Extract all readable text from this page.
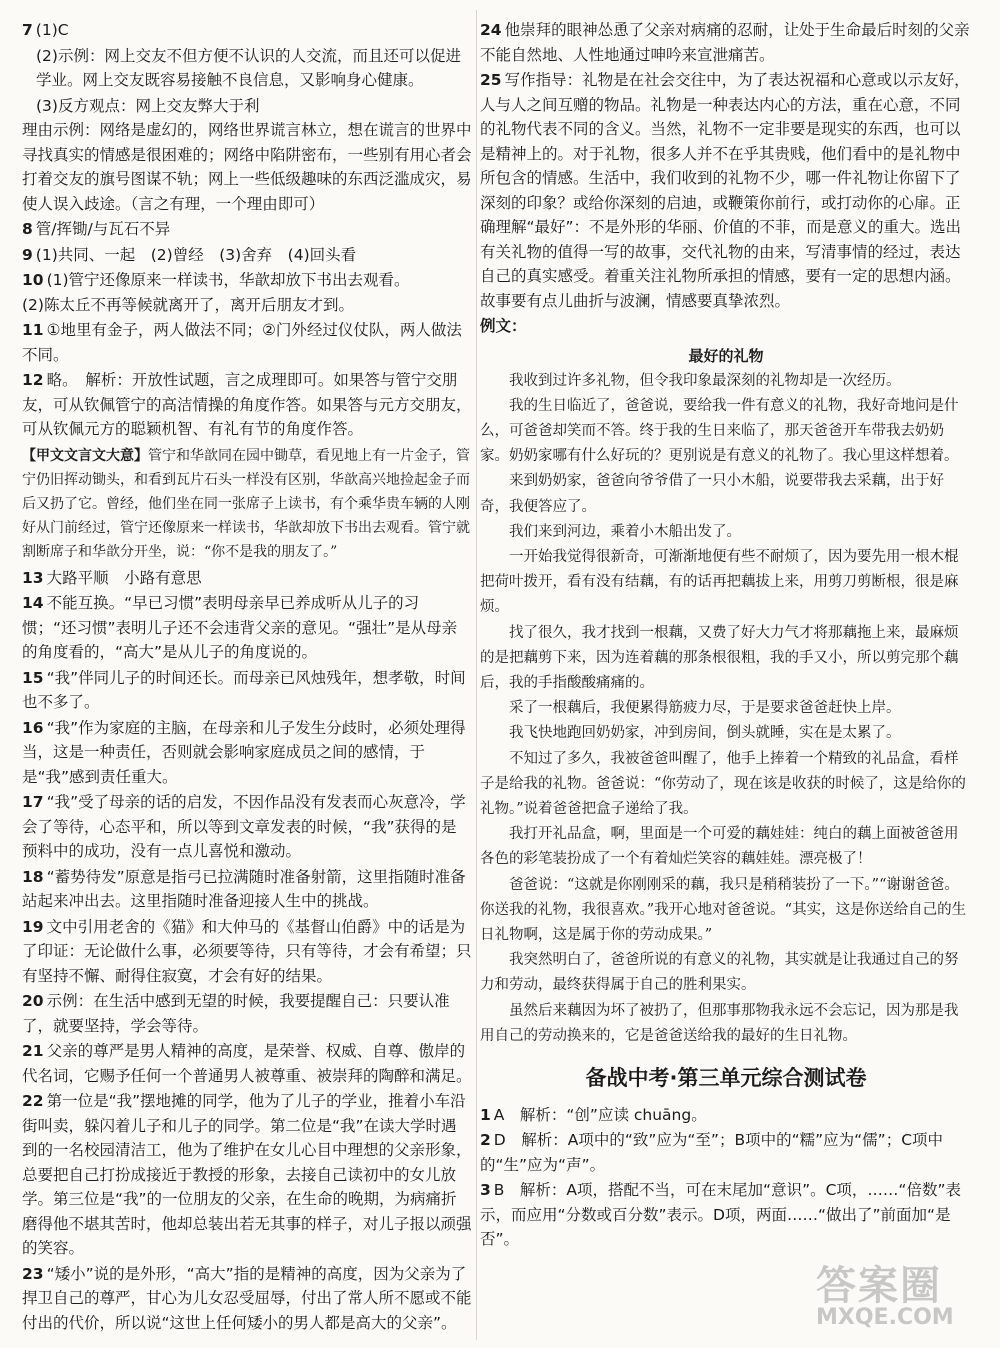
7 (1)C
(2)示例：网上交友不但方便不认识的人交流，而且还可以促进学业。网上交友既容易接触不良信息，又影响身心健康。
(3)反方观点：网上交友弊大于利
理由示例：网络是虚幻的，网络世界谎言林立，想在谎言的世界中寻找真实的情感是很困难的；网络中陷阱密布，一些别有用心者会打着交友的旗号图谋不轨；网上一些低级趣味的东西泛滥成灾，易使人误入歧途。（言之有理，一个理由即可）
8 管/挥锄/与瓦石不异
9 (1)共同、一起　(2)曾经　(3)舍弃　(4)回头看
10 (1)管宁还像原来一样读书，华歆却放下书出去观看。
(2)陈太丘不再等候就离开了，离开后朋友才到。
11 ①地里有金子，两人做法不同；②门外经过仪仗队，两人做法不同。
12 略。　解析：开放性试题，言之成理即可。如果答与管宁交朋友，可从钦佩管宁的高洁情操的角度作答。如果答与元方交朋友，可从钦佩元方的聪颖机智、有礼有节的角度作答。
【甲文文言文大意】管宁和华歆同在园中锄草，看见地上有一片金子，管宁仍旧挥动锄头，和看到瓦片石头一样没有区别，华歆高兴地捡起金子而后又扔了它。曾经，他们坐在同一张席子上读书，有个乘华贵车辆的人刚好从门前经过，管宁还像原来一样读书，华歆却放下书出去观看。管宁就割断席子和华歆分开坐，说：“你不是我的朋友了。”
13 大路平顺　小路有意思
14 不能互换。“早已习惯”表明母亲早已养成听从儿子的习惯；“还习惯”表明儿子还不会违背父亲的意见。“强壮”是从母亲的角度看的，“高大”是从儿子的角度说的。
15 “我”伴同儿子的时间还长。而母亲已风烛残年，想孝敬，时间也不多了。
16 “我”作为家庭的主脑，在母亲和儿子发生分歧时，必须处理得当，这是一种责任，否则就会影响家庭成员之间的感情，于是“我”感到责任重大。
17 “我”受了母亲的话的启发，不因作品没有发表而心灰意冷，学会了等待，心态平和，所以等到文章发表的时候，“我”获得的是预料中的成功，没有一点儿喜悦和激动。
18 “蓄势待发”原意是指弓已拉满随时准备射箭，这里指随时准备站起来冲出去。这里指随时准备迎接人生中的挑战。
19 文中引用老舍的《猫》和大仲马的《基督山伯爵》中的话是为了印证：无论做什么事，必须要等待，只有等待，才会有希望；只有坚持不懈、耐得住寂寞，才会有好的结果。
20 示例：在生活中感到无望的时候，我要提醒自己：只要认准了，就要坚持，学会等待。
21 父亲的尊严是男人精神的高度，是荣誉、权威、自尊、傲岸的代名词，它赐予任何一个普通男人被尊重、被崇拜的陶醉和满足。
22 第一位是“我”摆地摊的同学，他为了儿子的学业，推着小车沿街叫卖，躲闪着儿子和儿子的同学。第二位是“我”在读大学时遇到的一名校园清洁工，他为了维护在女儿心目中理想的父亲形象，总要把自己打扮成接近于教授的形象，去接自己读初中的女儿放学。第三位是“我”的一位朋友的父亲，在生命的晚期，为病痛折磨得他不堪其苦时，他却总装出若无其事的样子，对儿子报以顽强的笑容。
23 “矮小”说的是外形，“高大”指的是精神的高度，因为父亲为了捍卫自己的尊严，甘心为儿女忍受屈辱，付出了常人所不愿或不能付出的代价，所以说“这世上任何矮小的男人都是高大的父亲”。
24 他崇拜的眼神怂恿了父亲对病痛的忍耐，让处于生命最后时刻的父亲不能自然地、人性地通过呻吟来宣泄痛苦。
25 写作指导：礼物是在社会交往中，为了表达祝福和心意或以示友好，人与人之间互赠的物品。礼物是一种表达内心的方法，重在心意，不同的礼物代表不同的含义。当然，礼物不一定非要是现实的东西，也可以是精神上的。对于礼物，很多人并不在乎其贵贱，他们看中的是礼物中所包含的情感。生活中，我们收到的礼物不少，哪一件礼物让你留下了深刻的印象？或给你深刻的启迪，或鞭策你前行，或打动你的心扉。正确理解“最好”：不是外形的华丽、价值的不菲，而是意义的重大。选出有关礼物的值得一写的故事，交代礼物的由来，写清事情的经过，表达自己的真实感受。着重关注礼物所承担的情感，要有一定的思想内涵。故事要有点儿曲折与波澜，情感要真挚浓烈。
例文：
最好的礼物

我收到过许多礼物，但令我印象最深刻的礼物却是一次经历。

我的生日临近了，爸爸说，要给我一件有意义的礼物，我好奇地问是什么，可爸爸却笑而不答。终于我的生日来临了，那天爸爸开车带我去奶奶家。奶奶家哪有什么好玩的？更别说是有意义的礼物了。我心里这样想着。

来到奶奶家，爸爸向爷爷借了一只小木船，说要带我去采藕，出于好奇，我便答应了。

我们来到河边，乘着小木船出发了。

一开始我觉得很新奇，可渐渐地便有些不耐烦了，因为要先用一根木棍把荷叶拨开，看有没有结藕，有的话再把藕拔上来，用剪刀剪断根，很是麻烦。

找了很久，我才找到一根藕，又费了好大力气才将那藕拖上来，最麻烦的是把藕剪下来，因为连着藕的那条根很粗，我的手又小，所以剪完那个藕后，我的手指酸酸痛痛的。

采了一根藕后，我便累得筋疲力尽，于是要求爸爸赶快上岸。

我飞快地跑回奶奶家，冲到房间，倒头就睡，实在是太累了。

不知过了多久，我被爸爸叫醒了，他手上捧着一个精致的礼品盒，看样子是给我的礼物。爸爸说：“你劳动了，现在该是收获的时候了，这是给你的礼物。”说着爸爸把盒子递给了我。

我打开礼品盒，啊，里面是一个可爱的藕娃娃：纯白的藕上面被爸爸用各色的彩笔装扮成了一个有着灿烂笑容的藕娃娃。漂亮极了！

爸爸说：“这就是你刚刚采的藕，我只是稍稍装扮了一下。”“谢谢爸爸。你送我的礼物，我很喜欢。”我开心地对爸爸说。“其实，这是你送给自己的生日礼物啊，这是属于你的劳动成果。”

我突然明白了，爸爸所说的有意义的礼物，其实就是让我通过自己的努力和劳动，最终获得属于自己的胜利果实。

虽然后来藕因为坏了被扔了，但那事那物我永远不会忘记，因为那是我用自己的劳动换来的，它是爸爸送给我的最好的生日礼物。

备战中考·第三单元综合测试卷
1 A　解析：“创”应读 chuāng。
2 D　解析：A项中的“致”应为“至”；B项中的“糯”应为“儒”；C项中的“生”应为“声”。
3 B　解析：A项，搭配不当，可在末尾加“意识”。C项，……“倍数”表示，而应用“分数或百分数”表示。D项，两面……“做出了”前面加“是否”。
答案圈
MXQE.COM
